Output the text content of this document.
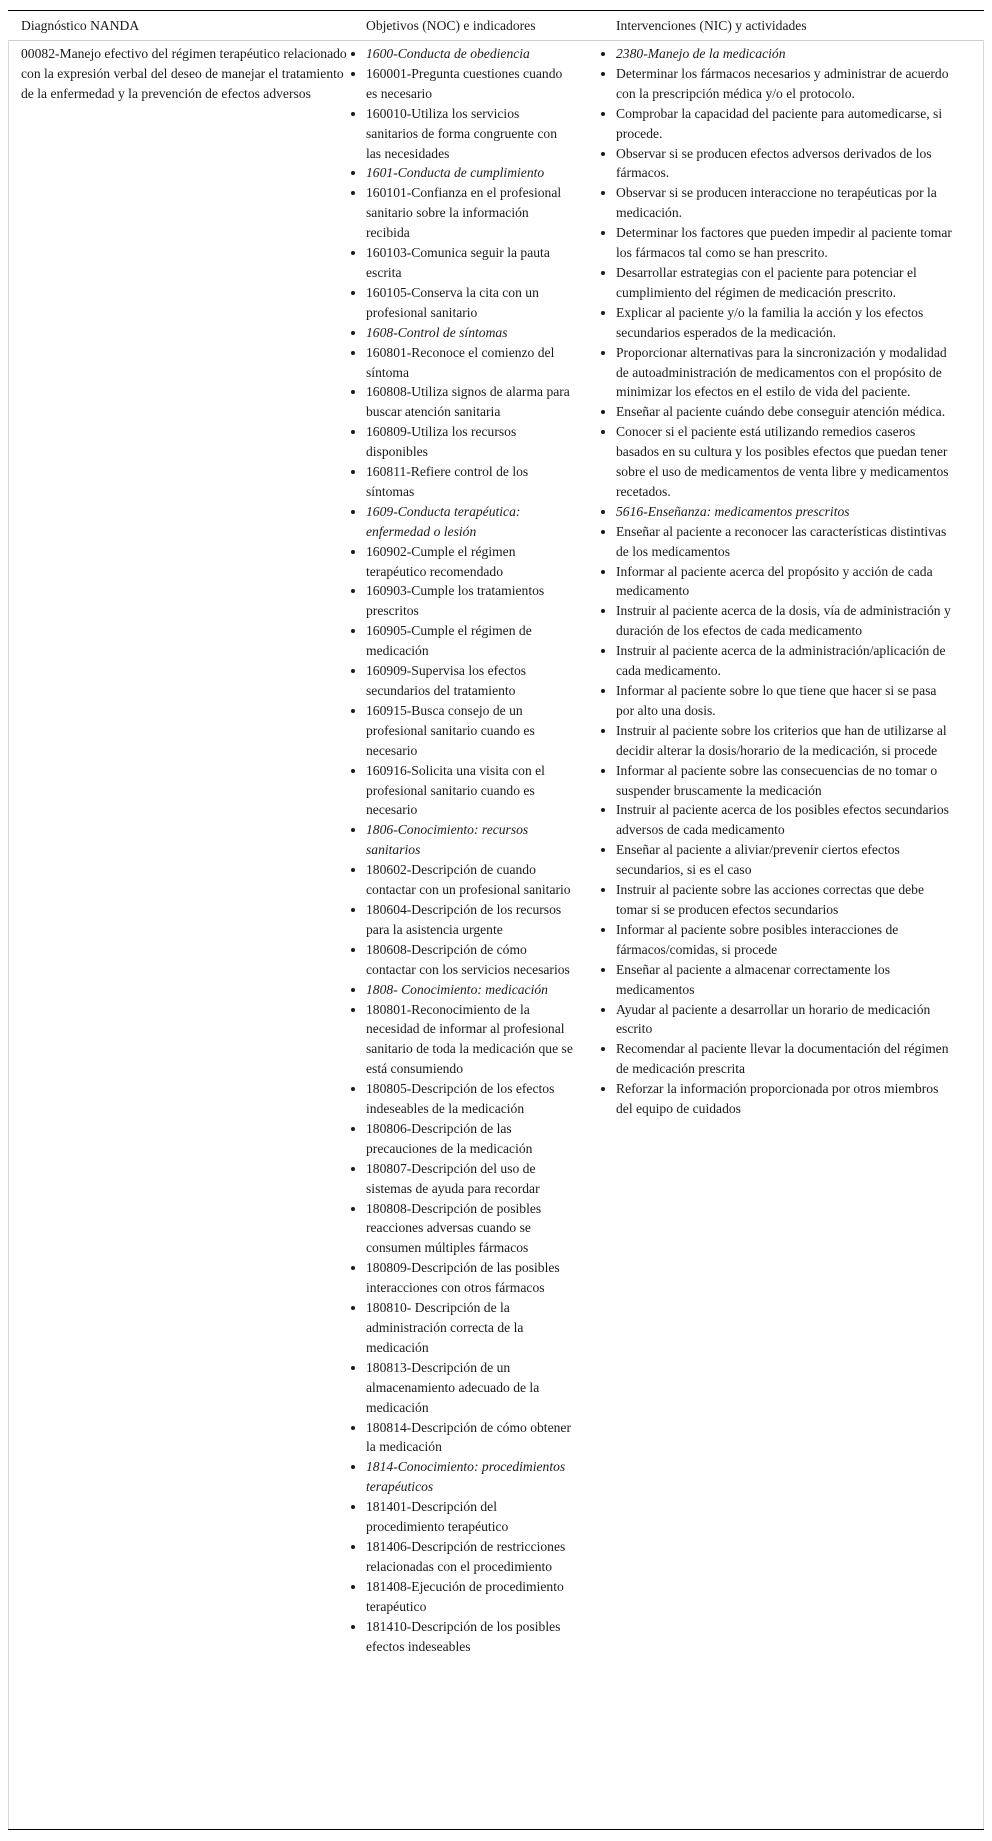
Diagnóstico NANDA	Objetivos (NOC) e indicadores	Intervenciones (NIC) y actividades

00082-Manejo efectivo del régimen terapéutico relacionado con la expresión verbal del deseo de manejar el tratamiento de la enfermedad y la prevención de efectos adversos

• 1600-Conducta de obediencia
• 160001-Pregunta cuestiones cuando es necesario
• 160010-Utiliza los servicios sanitarios de forma congruente con las necesidades
• 1601-Conducta de cumplimiento
• 160101-Confianza en el profesional sanitario sobre la información recibida
• 160103-Comunica seguir la pauta escrita
• 160105-Conserva la cita con un profesional sanitario
• 1608-Control de síntomas
• 160801-Reconoce el comienzo del síntoma
• 160808-Utiliza signos de alarma para buscar atención sanitaria
• 160809-Utiliza los recursos disponibles
• 160811-Refiere control de los síntomas
• 1609-Conducta terapéutica: enfermedad o lesión
• 160902-Cumple el régimen terapéutico recomendado
• 160903-Cumple los tratamientos prescritos
• 160905-Cumple el régimen de medicación
• 160909-Supervisa los efectos secundarios del tratamiento
• 160915-Busca consejo de un profesional sanitario cuando es necesario
• 160916-Solicita una visita con el profesional sanitario cuando es necesario
• 1806-Conocimiento: recursos sanitarios
• 180602-Descripción de cuando contactar con un profesional sanitario
• 180604-Descripción de los recursos para la asistencia urgente
• 180608-Descripción de cómo contactar con los servicios necesarios
• 1808- Conocimiento: medicación
• 180801-Reconocimiento de la necesidad de informar al profesional sanitario de toda la medicación que se está consumiendo
• 180805-Descripción de los efectos indeseables de la medicación
• 180806-Descripción de las precauciones de la medicación
• 180807-Descripción del uso de sistemas de ayuda para recordar
• 180808-Descripción de posibles reacciones adversas cuando se consumen múltiples fármacos
• 180809-Descripción de las posibles interacciones con otros fármacos
• 180810- Descripción de la administración correcta de la medicación
• 180813-Descripción de un almacenamiento adecuado de la medicación
• 180814-Descripción de cómo obtener la medicación
• 1814-Conocimiento: procedimientos terapéuticos
• 181401-Descripción del procedimiento terapéutico
• 181406-Descripción de restricciones relacionadas con el procedimiento
• 181408-Ejecución de procedimiento terapéutico
• 181410-Descripción de los posibles efectos indeseables
• 2380-Manejo de la medicación
• Determinar los fármacos necesarios y administrar de acuerdo con la prescripción médica y/o el protocolo.
• Comprobar la capacidad del paciente para automedicarse, si procede.
• Observar si se producen efectos adversos derivados de los fármacos.
• Observar si se producen interaccione no terapéuticas por la medicación.
• Determinar los factores que pueden impedir al paciente tomar los fármacos tal como se han prescrito.
• Desarrollar estrategias con el paciente para potenciar el cumplimiento del régimen de medicación prescrito.
• Explicar al paciente y/o la familia la acción y los efectos secundarios esperados de la medicación.
• Proporcionar alternativas para la sincronización y modalidad de autoadministración de medicamentos con el propósito de minimizar los efectos en el estilo de vida del paciente.
• Enseñar al paciente cuándo debe conseguir atención médica.
• Conocer si el paciente está utilizando remedios caseros basados en su cultura y los posibles efectos que puedan tener sobre el uso de medicamentos de venta libre y medicamentos recetados.
• 5616-Enseñanza: medicamentos prescritos
• Enseñar al paciente a reconocer las características distintivas de los medicamentos
• Informar al paciente acerca del propósito y acción de cada medicamento
• Instruir al paciente acerca de la dosis, vía de administración y duración de los efectos de cada medicamento
• Instruir al paciente acerca de la administración/aplicación de cada medicamento.
• Informar al paciente sobre lo que tiene que hacer si se pasa por alto una dosis.
• Instruir al paciente sobre los criterios que han de utilizarse al decidir alterar la dosis/horario de la medicación, si procede
• Informar al paciente sobre las consecuencias de no tomar o suspender bruscamente la medicación
• Instruir al paciente acerca de los posibles efectos secundarios adversos de cada medicamento
• Enseñar al paciente a aliviar/prevenir ciertos efectos secundarios, si es el caso
• Instruir al paciente sobre las acciones correctas que debe tomar si se producen efectos secundarios
• Informar al paciente sobre posibles interacciones de fármacos/comidas, si procede
• Enseñar al paciente a almacenar correctamente los medicamentos
• Ayudar al paciente a desarrollar un horario de medicación escrito
• Recomendar al paciente llevar la documentación del régimen de medicación prescrita
• Reforzar la información proporcionada por otros miembros del equipo de cuidados
